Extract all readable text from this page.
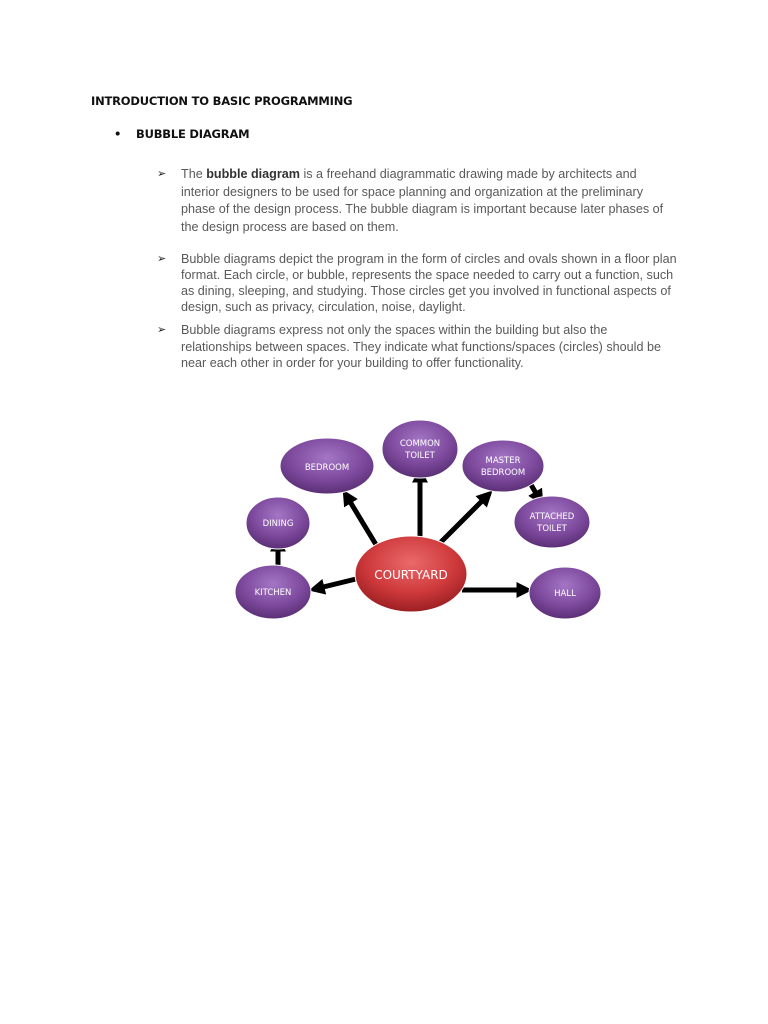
INTRODUCTION TO BASIC PROGRAMMING
• BUBBLE DIAGRAM
➢ The bubble diagram is a freehand diagrammatic drawing made by architects and interior designers to be used for space planning and organization at the preliminary phase of the design process. The bubble diagram is important because later phases of the design process are based on them.
➢ Bubble diagrams depict the program in the form of circles and ovals shown in a floor plan format. Each circle, or bubble, represents the space needed to carry out a function, such as dining, sleeping, and studying. Those circles get you involved in functional aspects of design, such as privacy, circulation, noise, daylight.
➢ Bubble diagrams express not only the spaces within the building but also the relationships between spaces. They indicate what functions/spaces (circles) should be near each other in order for your building to offer functionality.
BEDROOM
COMMON
TOILET	MASTER
BEDROOM
ATTACHED
TOILET
DINING
KITCHEN	HALL
COURTYARD
